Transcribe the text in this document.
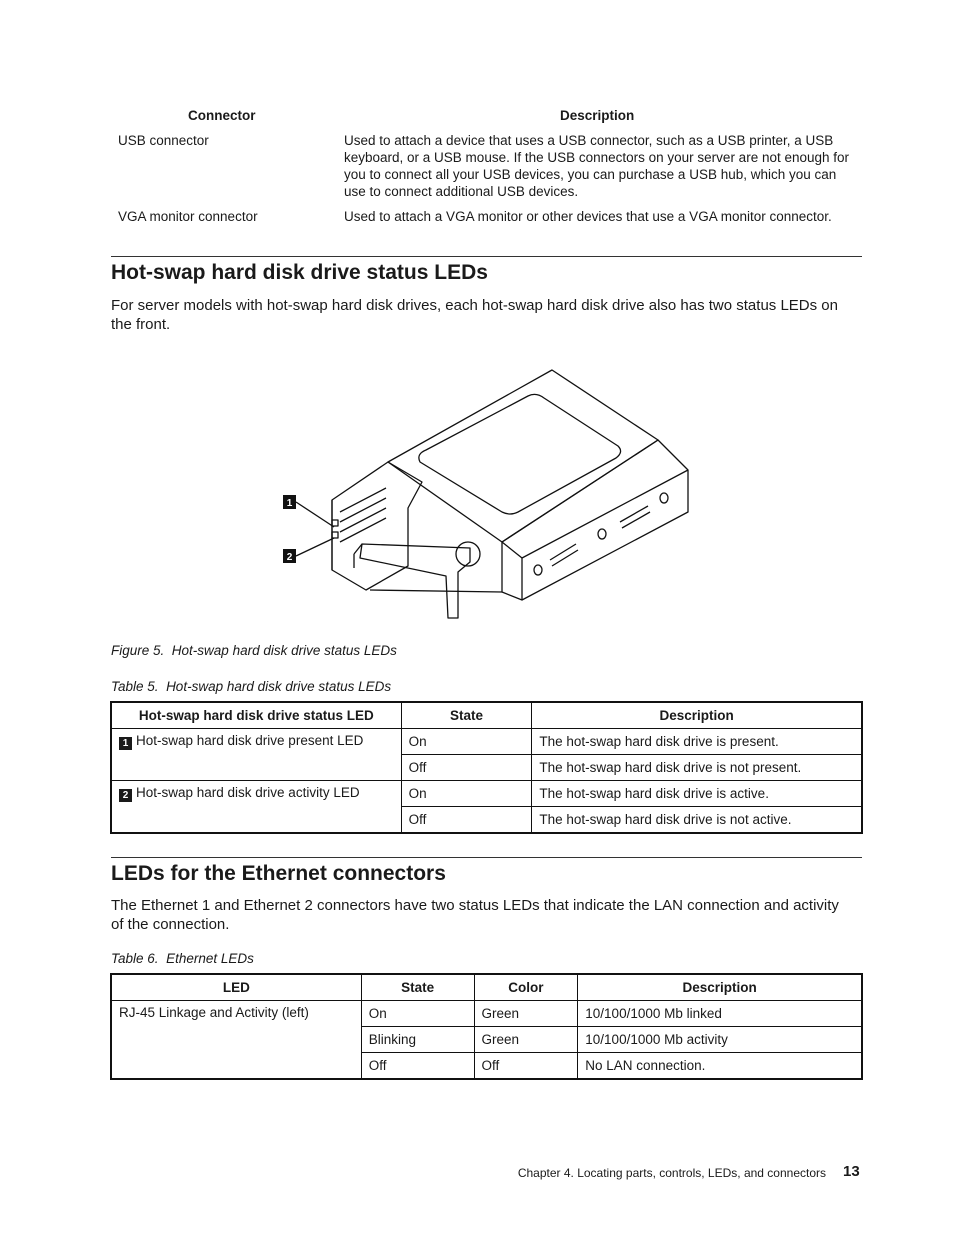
Connector	Description
USB connector	Used to attach a device that uses a USB connector, such as a USB printer, a USB keyboard, or a USB mouse. If the USB connectors on your server are not enough for you to connect all your USB devices, you can purchase a USB hub, which you can use to connect additional USB devices.
VGA monitor connector	Used to attach a VGA monitor or other devices that use a VGA monitor connector.
Hot-swap hard disk drive status LEDs

For server models with hot-swap hard disk drives, each hot-swap hard disk drive also has two status LEDs on the front.

1
2
Figure 5. Hot-swap hard disk drive status LEDs
Table 5. Hot-swap hard disk drive status LEDs
Hot-swap hard disk drive status LED	State	Description
1 Hot-swap hard disk drive present LED	On	The hot-swap hard disk drive is present.
	Off	The hot-swap hard disk drive is not present.
2 Hot-swap hard disk drive activity LED	On	The hot-swap hard disk drive is active.
	Off	The hot-swap hard disk drive is not active.
LEDs for the Ethernet connectors

The Ethernet 1 and Ethernet 2 connectors have two status LEDs that indicate the LAN connection and activity of the connection.

Table 6. Ethernet LEDs
LED	State	Color	Description
RJ-45 Linkage and Activity (left)	On	Green	10/100/1000 Mb linked
	Blinking	Green	10/100/1000 Mb activity
	Off	Off	No LAN connection.
Chapter 4. Locating parts, controls, LEDs, and connectors 13
